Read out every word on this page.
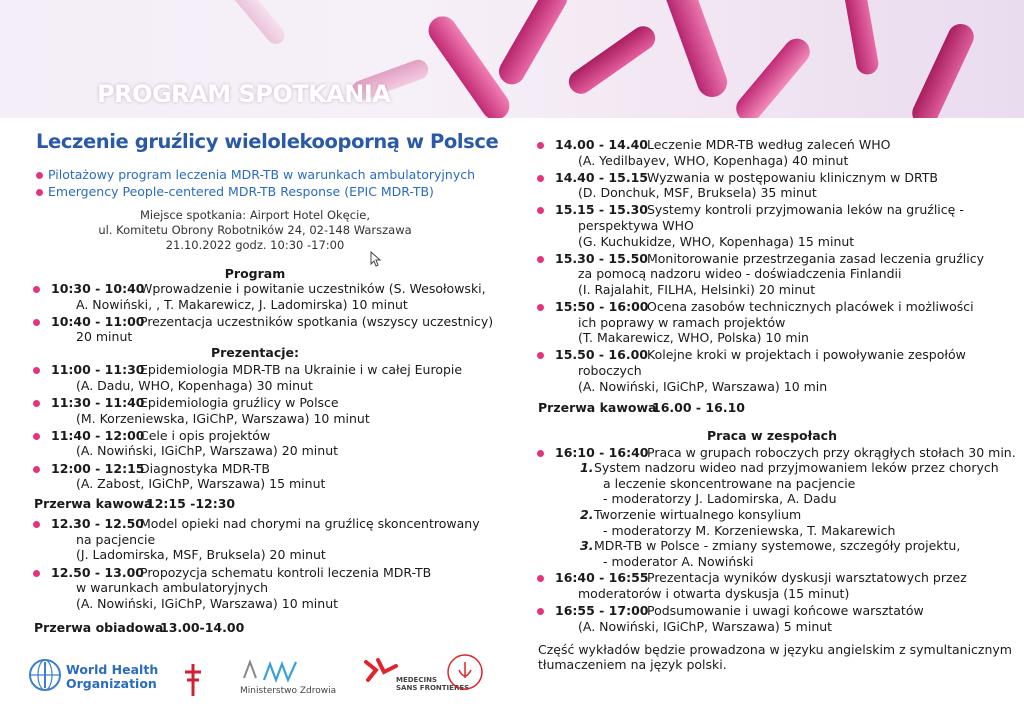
PROGRAM SPOTKANIA
Leczenie gruźlicy wielolekooporną w Polsce
Pilotażowy program leczenia MDR-TB w warunkach ambulatoryjnych
Emergency People-centered MDR-TB Response (EPIC MDR-TB)
Miejsce spotkania: Airport Hotel Okęcie,
ul. Komitetu Obrony Robotników 24, 02-148 Warszawa
21.10.2022 godz. 10:30 -17:00
Program
10:30 - 10:40
Wprowadzenie i powitanie uczestników (S. Wesołowski,
A. Nowiński, , T. Makarewicz, J. Ladomirska) 10 minut
10:40 - 11:00
Prezentacja uczestników spotkania (wszyscy uczestnicy)
20 minut
Prezentacje:
11:00 - 11:30
Epidemiologia MDR-TB na Ukrainie i w całej Europie
(A. Dadu, WHO, Kopenhaga) 30 minut
11:30 - 11:40
Epidemiologia gruźlicy w Polsce
(M. Korzeniewska, IGiChP, Warszawa) 10 minut
11:40 - 12:00
Cele i opis projektów
(A. Nowiński, IGiChP, Warszawa) 20 minut
12:00 - 12:15
Diagnostyka MDR-TB
(A. Zabost, IGiChP, Warszawa) 15 minut
Przerwa kawowa
12:15 -12:30
12.30 - 12.50
Model opieki nad chorymi na gruźlicę skoncentrowany
na pacjencie
(J. Ladomirska, MSF, Bruksela) 20 minut
12.50 - 13.00
Propozycja schematu kontroli leczenia MDR-TB
w warunkach ambulatoryjnych
(A. Nowiński, IGiChP, Warszawa) 10 minut
Przerwa obiadowa
13.00-14.00
14.00 - 14.40 Leczenie MDR-TB według zaleceń WHO
(A. Yedilbayev, WHO, Kopenhaga) 40 minut
14.40 - 15.15 Wyzwania w postępowaniu klinicznym w DRTB
(D. Donchuk, MSF, Bruksela) 35 minut
15.15 - 15.30 Systemy kontroli przyjmowania leków na gruźlicę -
perspektywa WHO
(G. Kuchukidze, WHO, Kopenhaga) 15 minut
15.30 - 15.50 Monitorowanie przestrzegania zasad leczenia gruźlicy
za pomocą nadzoru wideo - doświadczenia Finlandii
(I. Rajalahit, FILHA, Helsinki) 20 minut
15:50 - 16:00
Ocena zasobów technicznych placówek i możliwości
ich poprawy w ramach projektów
(T. Makarewicz, WHO, Polska) 10 min
15.50 - 16.00 Kolejne kroki w projektach i powoływanie zespołów
roboczych
(A. Nowiński, IGiChP, Warszawa) 10 min
Przerwa kawowa
16.00 - 16.10
Praca w zespołach
16:10 - 16:40
Praca w grupach roboczych przy okrągłych stołach 30 min.
1. System nadzoru wideo nad przyjmowaniem leków przez chorych
a leczenie skoncentrowane na pacjencie
- moderatorzy J. Ladomirska, A. Dadu
2. Tworzenie wirtualnego konsylium
- moderatorzy M. Korzeniewska, T. Makarewich
3. MDR-TB w Polsce - zmiany systemowe, szczegóły projektu,
- moderator A. Nowiński
16:40 - 16:55
Prezentacja wyników dyskusji warsztatowych przez
moderatorów i otwarta dyskusja (15 minut)
16:55 - 17:00
Podsumowanie i uwagi końcowe warsztatów
(A. Nowiński, IGiChP, Warszawa) 5 minut
Część wykładów będzie prowadzona w języku angielskim z symultanicznym
tłumaczeniem na język polski.
World Health
Organization	Ministerstwo Zdrowia
MEDECINS
SANS FRONTIERES
